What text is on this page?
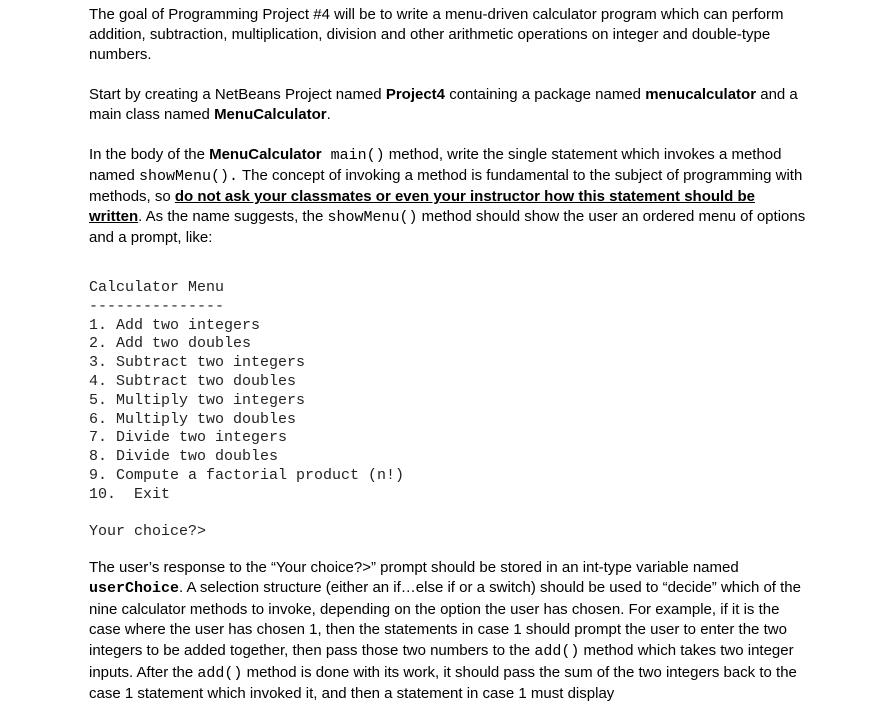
The goal of Programming Project #4 will be to write a menu-driven calculator program which can perform addition, subtraction, multiplication, division and other arithmetic operations on integer and double-type numbers.

Start by creating a NetBeans Project named Project4 containing a package named menucalculator and a main class named MenuCalculator.

In the body of the MenuCalculator main() method, write the single statement which invokes a method named showMenu(). The concept of invoking a method is fundamental to the subject of programming with methods, so do not ask your classmates or even your instructor how this statement should be written. As the name suggests, the showMenu() method should show the user an ordered menu of options and a prompt, like:

Calculator Menu
---------------
1. Add two integers
2. Add two doubles
3. Subtract two integers
4. Subtract two doubles
5. Multiply two integers
6. Multiply two doubles
7. Divide two integers
8. Divide two doubles
9. Compute a factorial product (n!)
10.  Exit
Your choice?>

The user’s response to the “Your choice?>” prompt should be stored in an int-type variable named userChoice. A selection structure (either an if…else if or a switch) should be used to “decide” which of the nine calculator methods to invoke, depending on the option the user has chosen. For example, if it is the case where the user has chosen 1, then the statements in case 1 should prompt the user to enter the two integers to be added together, then pass those two numbers to the add() method which takes two integer inputs. After the add() method is done with its work, it should pass the sum of the two integers back to the case 1 statement which invoked it, and then a statement in case 1 must display
